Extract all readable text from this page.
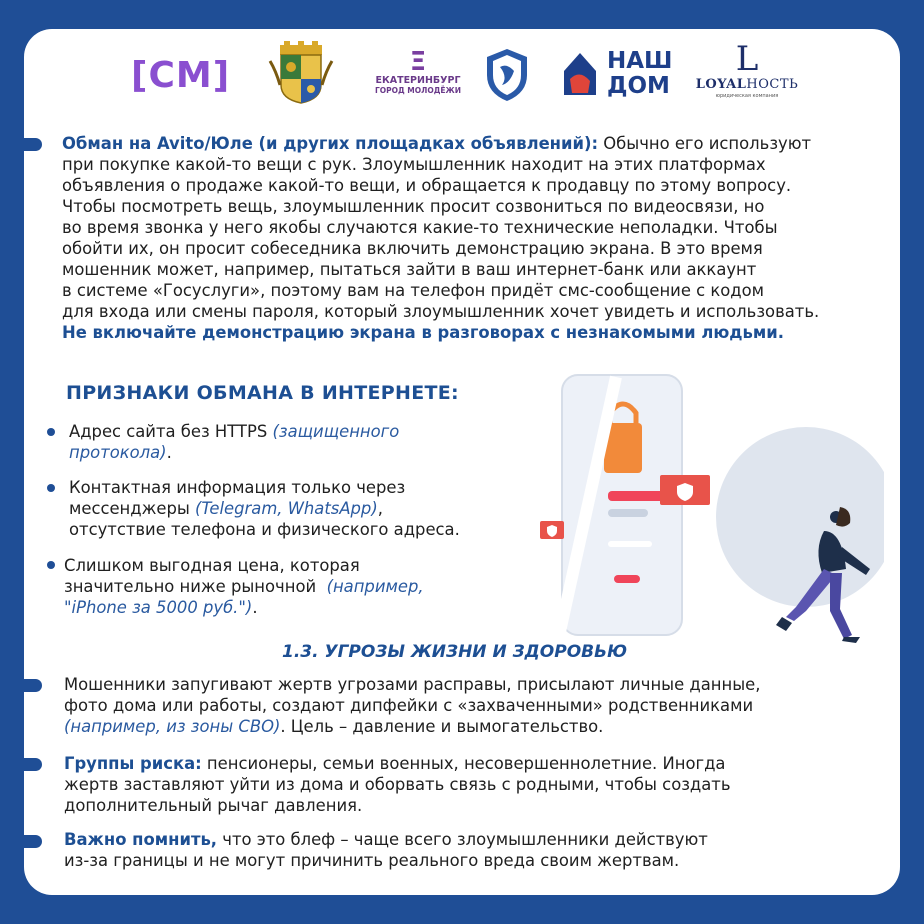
[СМ]	Ξ
ЕКАТЕРИНБУРГ
ГОРОД МОЛОДЁЖИ
НАШ
ДОМ
L
LOYALНОСТЬ
юридическая компания
Обман на Avito/Юле (и других площадках объявлений): Обычно его используют
при покупке какой-то вещи с рук. Злоумышленник находит на этих платформах
объявления о продаже какой-то вещи, и обращается к продавцу по этому вопросу.
Чтобы посмотреть вещь, злоумышленник просит созвониться по видеосвязи, но
во время звонка у него якобы случаются какие-то технические неполадки. Чтобы
обойти их, он просит собеседника включить демонстрацию экрана. В это время
мошенник может, например, пытаться зайти в ваш интернет-банк или аккаунт
в системе «Госуслуги», поэтому вам на телефон придёт смс-сообщение с кодом
для входа или смены пароля, который злоумышленник хочет увидеть и использовать.
Не включайте демонстрацию экрана в разговорах с незнакомыми людьми.
ПРИЗНАКИ ОБМАНА В ИНТЕРНЕТЕ:
Адрес сайта без HTTPS (защищенного
протокола).
Контактная информация только через
мессенджеры (Telegram, WhatsApp),
отсутствие телефона и физического адреса.
Слишком выгодная цена, которая
значительно ниже рыночной (например,
"iPhone за 5000 руб.").
1.3. УГРОЗЫ ЖИЗНИ И ЗДОРОВЬЮ
Мошенники запугивают жертв угрозами расправы, присылают личные данные,
фото дома или работы, создают дипфейки с «захваченными» родственниками
(например, из зоны СВО). Цель – давление и вымогательство.
Группы риска: пенсионеры, семьи военных, несовершеннолетние. Иногда
жертв заставляют уйти из дома и оборвать связь с родными, чтобы создать
дополнительный рычаг давления.
Важно помнить, что это блеф – чаще всего злоумышленники действуют
из-за границы и не могут причинить реального вреда своим жертвам.
